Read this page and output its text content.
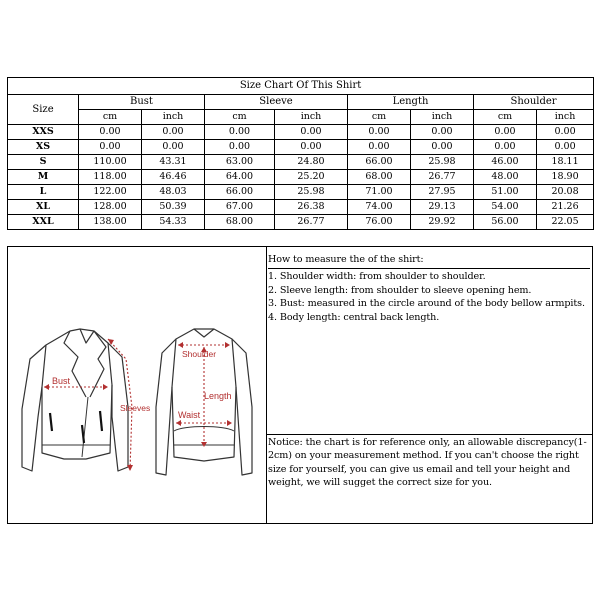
Size Chart Of This Shirt								
Size	Bust		Sleeve		Length		Shoulder	
	cm	inch	cm	inch	cm	inch	cm	inch
XXS	0.00	0.00	0.00	0.00	0.00	0.00	0.00	0.00
XS	0.00	0.00	0.00	0.00	0.00	0.00	0.00	0.00
S	110.00	43.31	63.00	24.80	66.00	25.98	46.00	18.11
M	118.00	46.46	64.00	25.20	68.00	26.77	48.00	18.90
L	122.00	48.03	66.00	25.98	71.00	27.95	51.00	20.08
XL	128.00	50.39	67.00	26.38	74.00	29.13	54.00	21.26
XXL	138.00	54.33	68.00	26.77	76.00	29.92	56.00	22.05
Bust
Sleeves
Shoulder
Length
Waist
How to measure the of the shirt:
1. Shoulder width: from shoulder to shoulder.
2. Sleeve length: from shoulder to sleeve opening hem.
3. Bust: measured in the circle around of the body bellow armpits.
4. Body length: central back length.
Notice: the chart is for reference only, an allowable discrepancy(1-2cm) on your measurement method. If you can't choose the right size for yourself, you can give us email and tell your height and weight, we will sugget the correct size for you.
